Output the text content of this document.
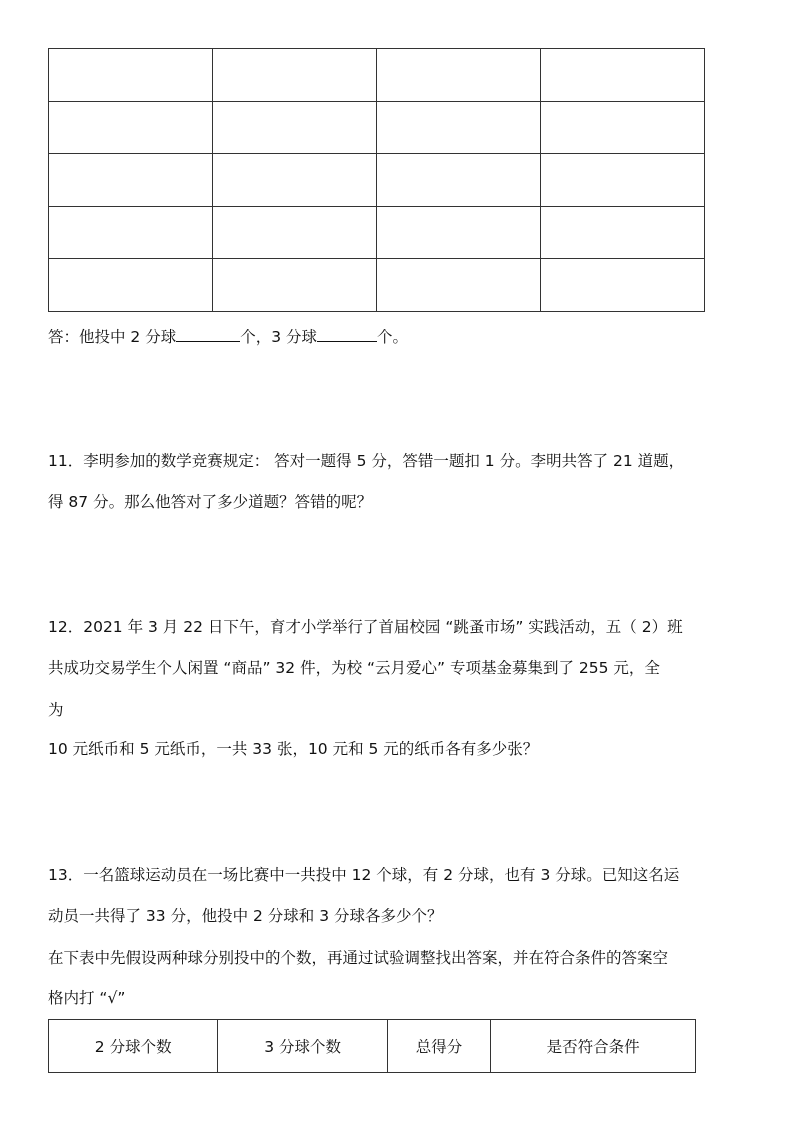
答：他投中 2 分球	个，3 分球	个。
11．李明参加的数学竞赛规定： 答对一题得 5 分，答错一题扣 1 分。李明共答了 21 道题，
得 87 分。那么他答对了多少道题？答错的呢？
12．2021 年 3 月 22 日下午，育才小学举行了首届校园 “跳蚤市场” 实践活动，五（ 2）班
共成功交易学生个人闲置 “商品” 32 件，为校 “云月爱心” 专项基金募集到了 255 元，全
为
10 元纸币和 5 元纸币，一共 33 张，10 元和 5 元的纸币各有多少张？
13．一名篮球运动员在一场比赛中一共投中 12 个球，有 2 分球，也有 3 分球。已知这名运
动员一共得了 33 分，他投中 2 分球和 3 分球各多少个？
在下表中先假设两种球分别投中的个数，再通过试验调整找出答案，并在符合条件的答案空
格内打 “√”
2 分球个数	3 分球个数	总得分	是否符合条件
